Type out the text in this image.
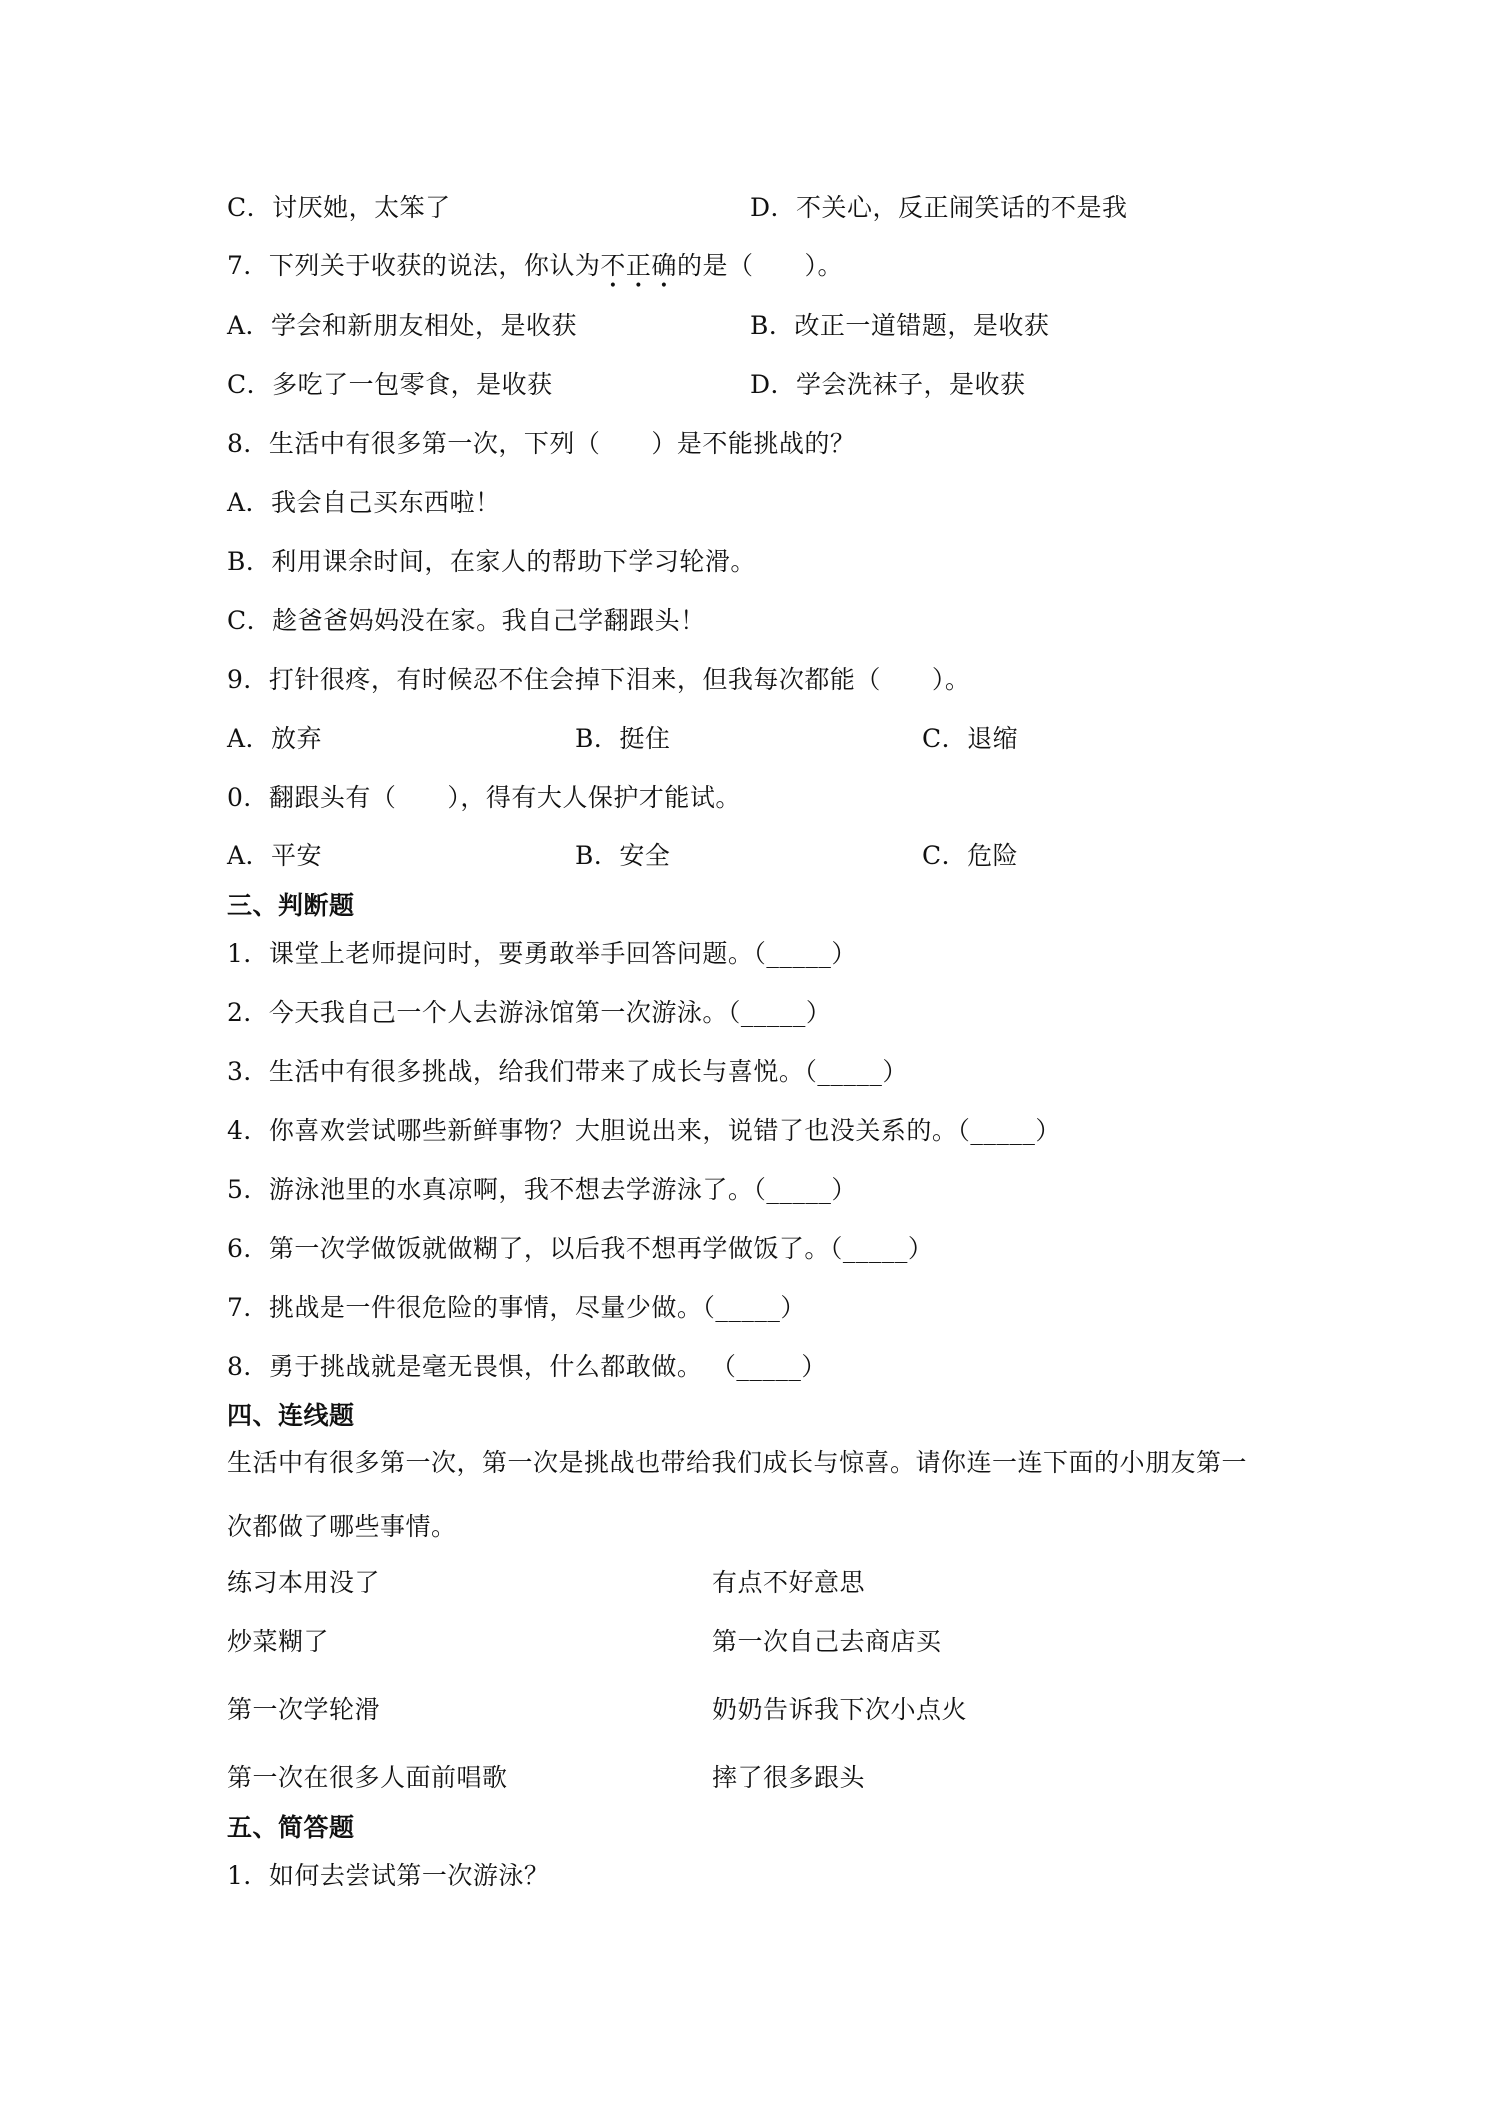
C．讨厌她，太笨了	D．不关心，反正闹笑话的不是我
7．下列关于收获的说法，你认为不正确
• • •
的是（　　）。
A．学会和新朋友相处，是收获	B．改正一道错题，是收获
C．多吃了一包零食，是收获	D．学会洗袜子，是收获
8．生活中有很多第一次，下列（　　）是不能挑战的？
A．我会自己买东西啦！
B．利用课余时间，在家人的帮助下学习轮滑。
C．趁爸爸妈妈没在家。我自己学翻跟头！
9．打针很疼，有时候忍不住会掉下泪来，但我每次都能（　　）。
A．放弃	B．挺住	C．退缩
0．翻跟头有（　　），得有大人保护才能试。
A．平安	B．安全	C．危险
三、判断题
1．课堂上老师提问时，要勇敢举手回答问题。（_____）
2．今天我自己一个人去游泳馆第一次游泳。（_____）
3．生活中有很多挑战，给我们带来了成长与喜悦。（_____）
4．你喜欢尝试哪些新鲜事物？大胆说出来，说错了也没关系的。（_____）
5．游泳池里的水真凉啊，我不想去学游泳了。（_____）
6．第一次学做饭就做糊了，以后我不想再学做饭了。（_____）
7．挑战是一件很危险的事情，尽量少做。（_____）
8．勇于挑战就是毫无畏惧，什么都敢做。 （_____）
四、连线题
生活中有很多第一次，第一次是挑战也带给我们成长与惊喜。请你连一连下面的小朋友第一
次都做了哪些事情。
练习本用没了	有点不好意思
炒菜糊了	第一次自己去商店买
第一次学轮滑	奶奶告诉我下次小点火
第一次在很多人面前唱歌	摔了很多跟头
五、简答题
1．如何去尝试第一次游泳？
